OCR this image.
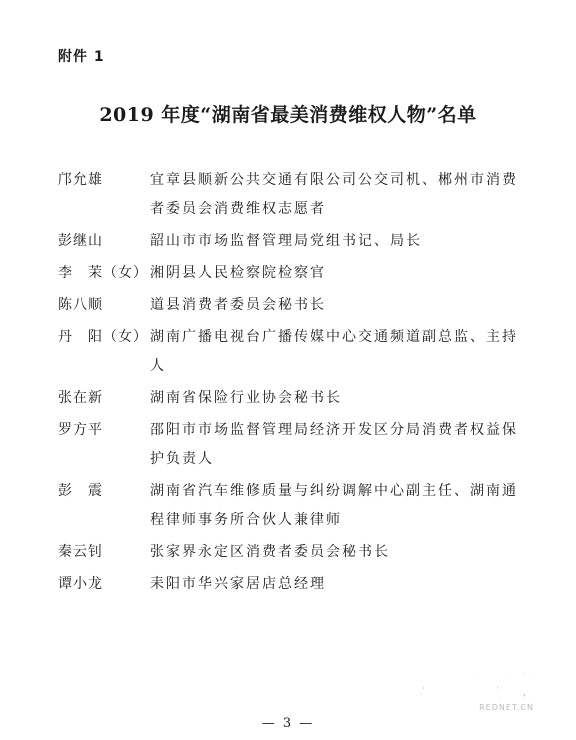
附件 1
2019 年度“湖南省最美消费维权人物”名单
邝允雄	宜章县顺新公共交通有限公司公交司机、郴州市消费者委员会消费维权志愿者
彭继山	韶山市市场监督管理局党组书记、局长
李　茉（女） 湘阴县人民检察院检察官
陈八顺	道县消费者委员会秘书长
丹　阳（女） 湖南广播电视台广播传媒中心交通频道副总监、主持人
张在新	湖南省保险行业协会秘书长
罗方平	邵阳市市场监督管理局经济开发区分局消费者权益保护负责人
彭　震	湖南省汽车维修质量与纠纷调解中心副主任、湖南通程律师事务所合伙人兼律师
秦云钊	张家界永定区消费者委员会秘书长
谭小龙	耒阳市华兴家居店总经理
红网时刻
REDNET.CN
— 3 —
